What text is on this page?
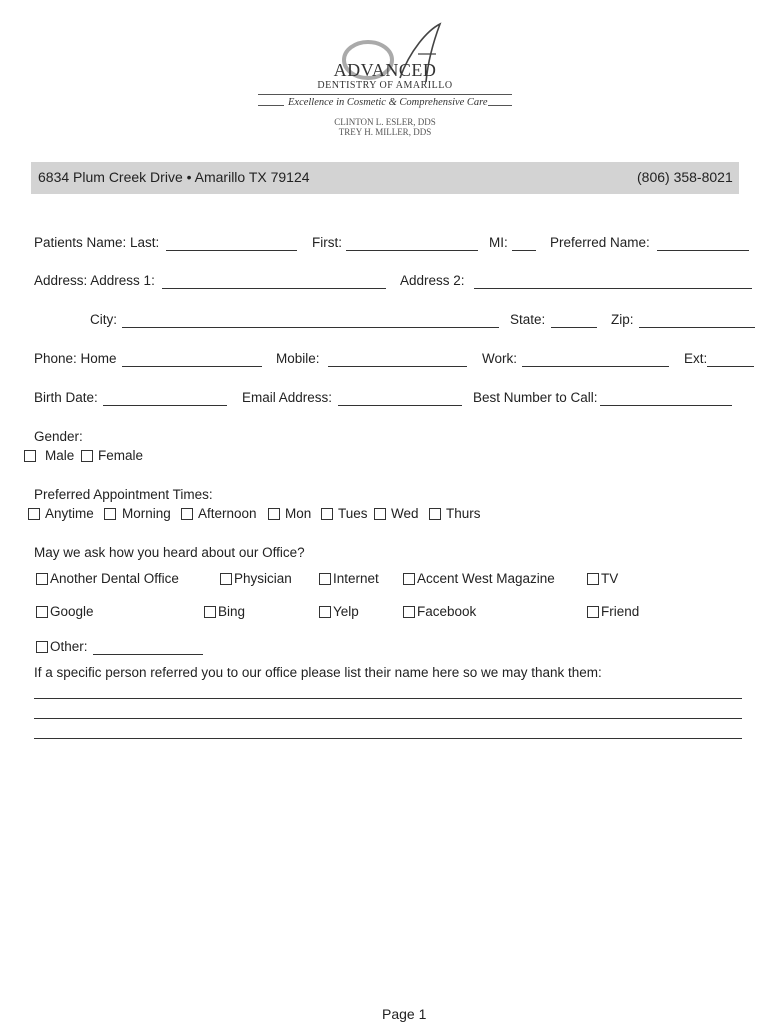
ADVANCED
DENTISTRY OF AMARILLO
Excellence in Cosmetic & Comprehensive Care
CLINTON L. ESLER, DDS
TREY H. MILLER, DDS
6834 Plum Creek Drive • Amarillo TX 79124	(806) 358-8021
Patients Name: Last:	First:	MI:	Preferred Name:
Address: Address 1:	Address 2:
City:	State:	Zip:
Phone: Home	Mobile:	Work:	Ext:
Birth Date:	Email Address:	Best Number to Call:
Gender:
Male Female
Preferred Appointment Times:
Anytime Morning Afternoon Mon Tues Wed Thurs
May we ask how you heard about our Office?
Another Dental Office	Physician	Internet	Accent West Magazine	TV
Google	Bing	Yelp	Facebook	Friend
Other:
If a specific person referred you to our office please list their name here so we may thank them:
Page 1
